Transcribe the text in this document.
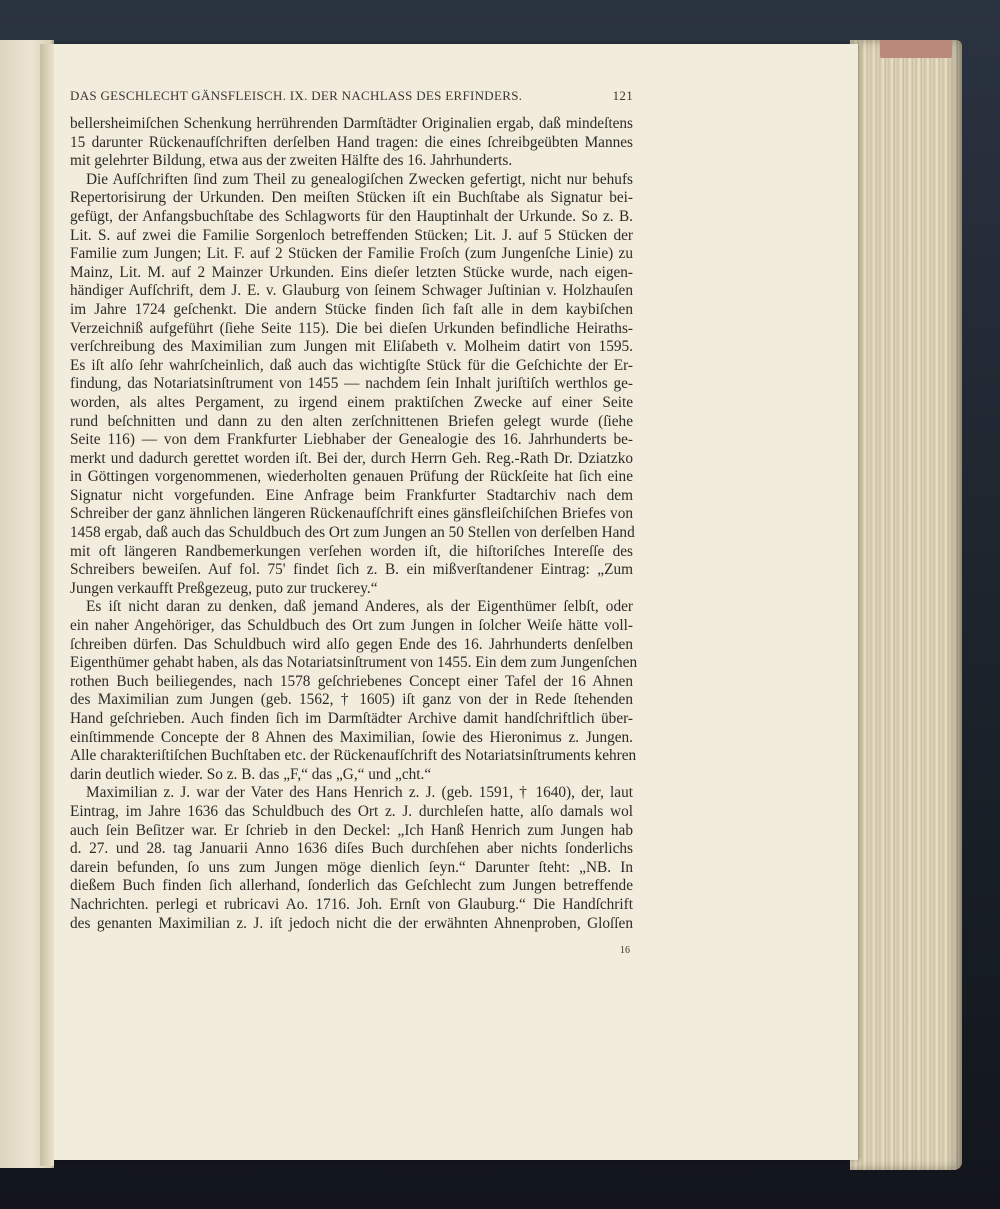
DAS GESCHLECHT GÄNSFLEISCH. IX. DER NACHLASS DES ERFINDERS.	121
bellersheimiſchen Schenkung herrührenden Darmſtädter Originalien ergab, daß mindeſtens
15 darunter Rückenaufſchriften derſelben Hand tragen: die eines ſchreibgeübten Mannes
mit gelehrter Bildung, etwa aus der zweiten Hälfte des 16. Jahrhunderts.
Die Aufſchriften ſind zum Theil zu genealogiſchen Zwecken gefertigt, nicht nur behufs
Repertorisirung der Urkunden. Den meiſten Stücken iſt ein Buchſtabe als Signatur bei-
gefügt, der Anfangsbuchſtabe des Schlagworts für den Hauptinhalt der Urkunde. So z. B.
Lit. S. auf zwei die Familie Sorgenloch betreffenden Stücken; Lit. J. auf 5 Stücken der
Familie zum Jungen; Lit. F. auf 2 Stücken der Familie Froſch (zum Jungenſche Linie) zu
Mainz, Lit. M. auf 2 Mainzer Urkunden. Eins dieſer letzten Stücke wurde, nach eigen-
händiger Aufſchrift, dem J. E. v. Glauburg von ſeinem Schwager Juſtinian v. Holzhauſen
im Jahre 1724 geſchenkt. Die andern Stücke finden ſich faſt alle in dem kaybiſchen
Verzeichniß aufgeführt (ſiehe Seite 115). Die bei dieſen Urkunden befindliche Heiraths-
verſchreibung des Maximilian zum Jungen mit Eliſabeth v. Molheim datirt von 1595.
Es iſt alſo ſehr wahrſcheinlich, daß auch das wichtigſte Stück für die Geſchichte der Er-
findung, das Notariatsinſtrument von 1455 — nachdem ſein Inhalt juriſtiſch werthlos ge-
worden, als altes Pergament, zu irgend einem praktiſchen Zwecke auf einer Seite
rund beſchnitten und dann zu den alten zerſchnittenen Briefen gelegt wurde (ſiehe
Seite 116) — von dem Frankfurter Liebhaber der Genealogie des 16. Jahrhunderts be-
merkt und dadurch gerettet worden iſt. Bei der, durch Herrn Geh. Reg.-Rath Dr. Dziatzko
in Göttingen vorgenommenen, wiederholten genauen Prüfung der Rückſeite hat ſich eine
Signatur nicht vorgefunden. Eine Anfrage beim Frankfurter Stadtarchiv nach dem
Schreiber der ganz ähnlichen längeren Rückenaufſchrift eines gänsfleiſchiſchen Briefes von
1458 ergab, daß auch das Schuldbuch des Ort zum Jungen an 50 Stellen von derſelben Hand
mit oft längeren Randbemerkungen verſehen worden iſt, die hiſtoriſches Intereſſe des
Schreibers beweiſen. Auf fol. 75' findet ſich z. B. ein mißverſtandener Eintrag: „Zum
Jungen verkaufft Preßgezeug, puto zur truckerey.“
Es iſt nicht daran zu denken, daß jemand Anderes, als der Eigenthümer ſelbſt, oder
ein naher Angehöriger, das Schuldbuch des Ort zum Jungen in ſolcher Weiſe hätte voll-
ſchreiben dürfen. Das Schuldbuch wird alſo gegen Ende des 16. Jahrhunderts denſelben
Eigenthümer gehabt haben, als das Notariatsinſtrument von 1455. Ein dem zum Jungenſchen
rothen Buch beiliegendes, nach 1578 geſchriebenes Concept einer Tafel der 16 Ahnen
des Maximilian zum Jungen (geb. 1562, † 1605) iſt ganz von der in Rede ſtehenden
Hand geſchrieben. Auch finden ſich im Darmſtädter Archive damit handſchriftlich über-
einſtimmende Concepte der 8 Ahnen des Maximilian, ſowie des Hieronimus z. Jungen.
Alle charakteriſtiſchen Buchſtaben etc. der Rückenaufſchrift des Notariatsinſtruments kehren
darin deutlich wieder. So z. B. das „F,“ das „G,“ und „cht.“
Maximilian z. J. war der Vater des Hans Henrich z. J. (geb. 1591, † 1640), der, laut
Eintrag, im Jahre 1636 das Schuldbuch des Ort z. J. durchleſen hatte, alſo damals wol
auch ſein Beſitzer war. Er ſchrieb in den Deckel: „Ich Hanß Henrich zum Jungen hab
d. 27. und 28. tag Januarii Anno 1636 diſes Buch durchſehen aber nichts ſonderlichs
darein befunden, ſo uns zum Jungen möge dienlich ſeyn.“ Darunter ſteht: „NB. In
dießem Buch finden ſich allerhand, ſonderlich das Geſchlecht zum Jungen betreffende
Nachrichten. perlegi et rubricavi Ao. 1716. Joh. Ernſt von Glauburg.“ Die Handſchrift
des genanten Maximilian z. J. iſt jedoch nicht die der erwähnten Ahnenproben, Gloſſen
16
